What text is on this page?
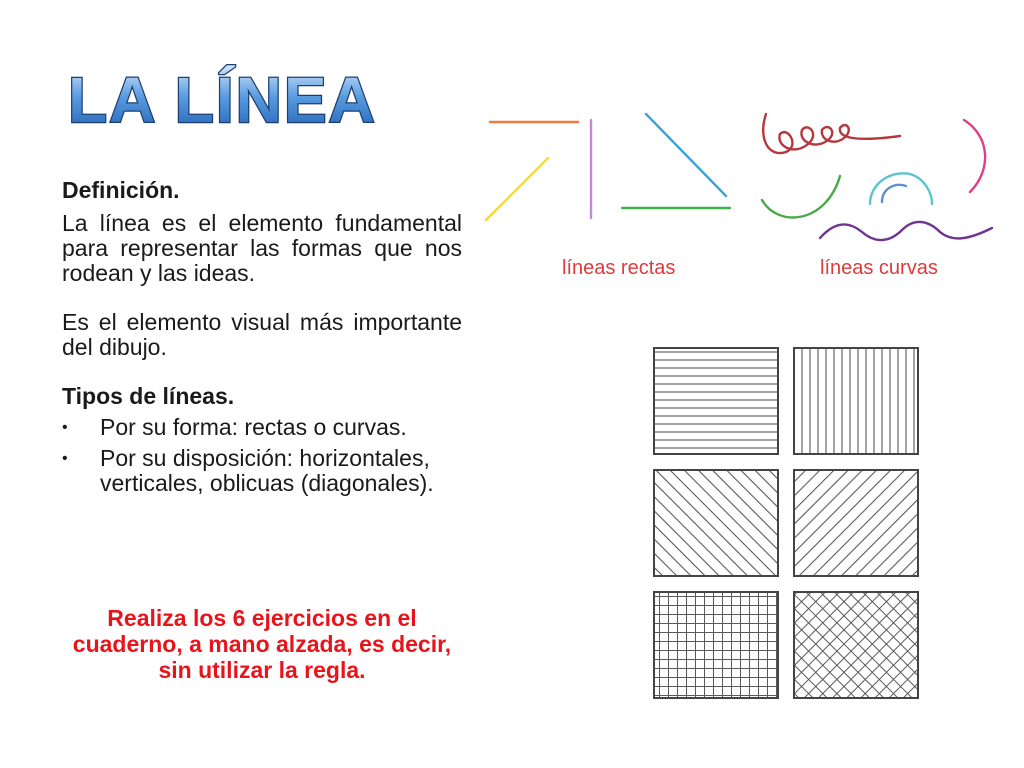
LA LÍNEA

Definición.

La línea es el elemento fundamental para representar las formas que nos rodean y las ideas.

Es el elemento visual más importante del dibujo.

Tipos de líneas.

• Por su forma: rectas o curvas.
• Por su disposición: horizontales, verticales, oblicuas (diagonales).

Realiza los 6 ejercicios en el cuaderno, a mano alzada, es decir, sin utilizar la regla.

líneas rectas	líneas curvas
